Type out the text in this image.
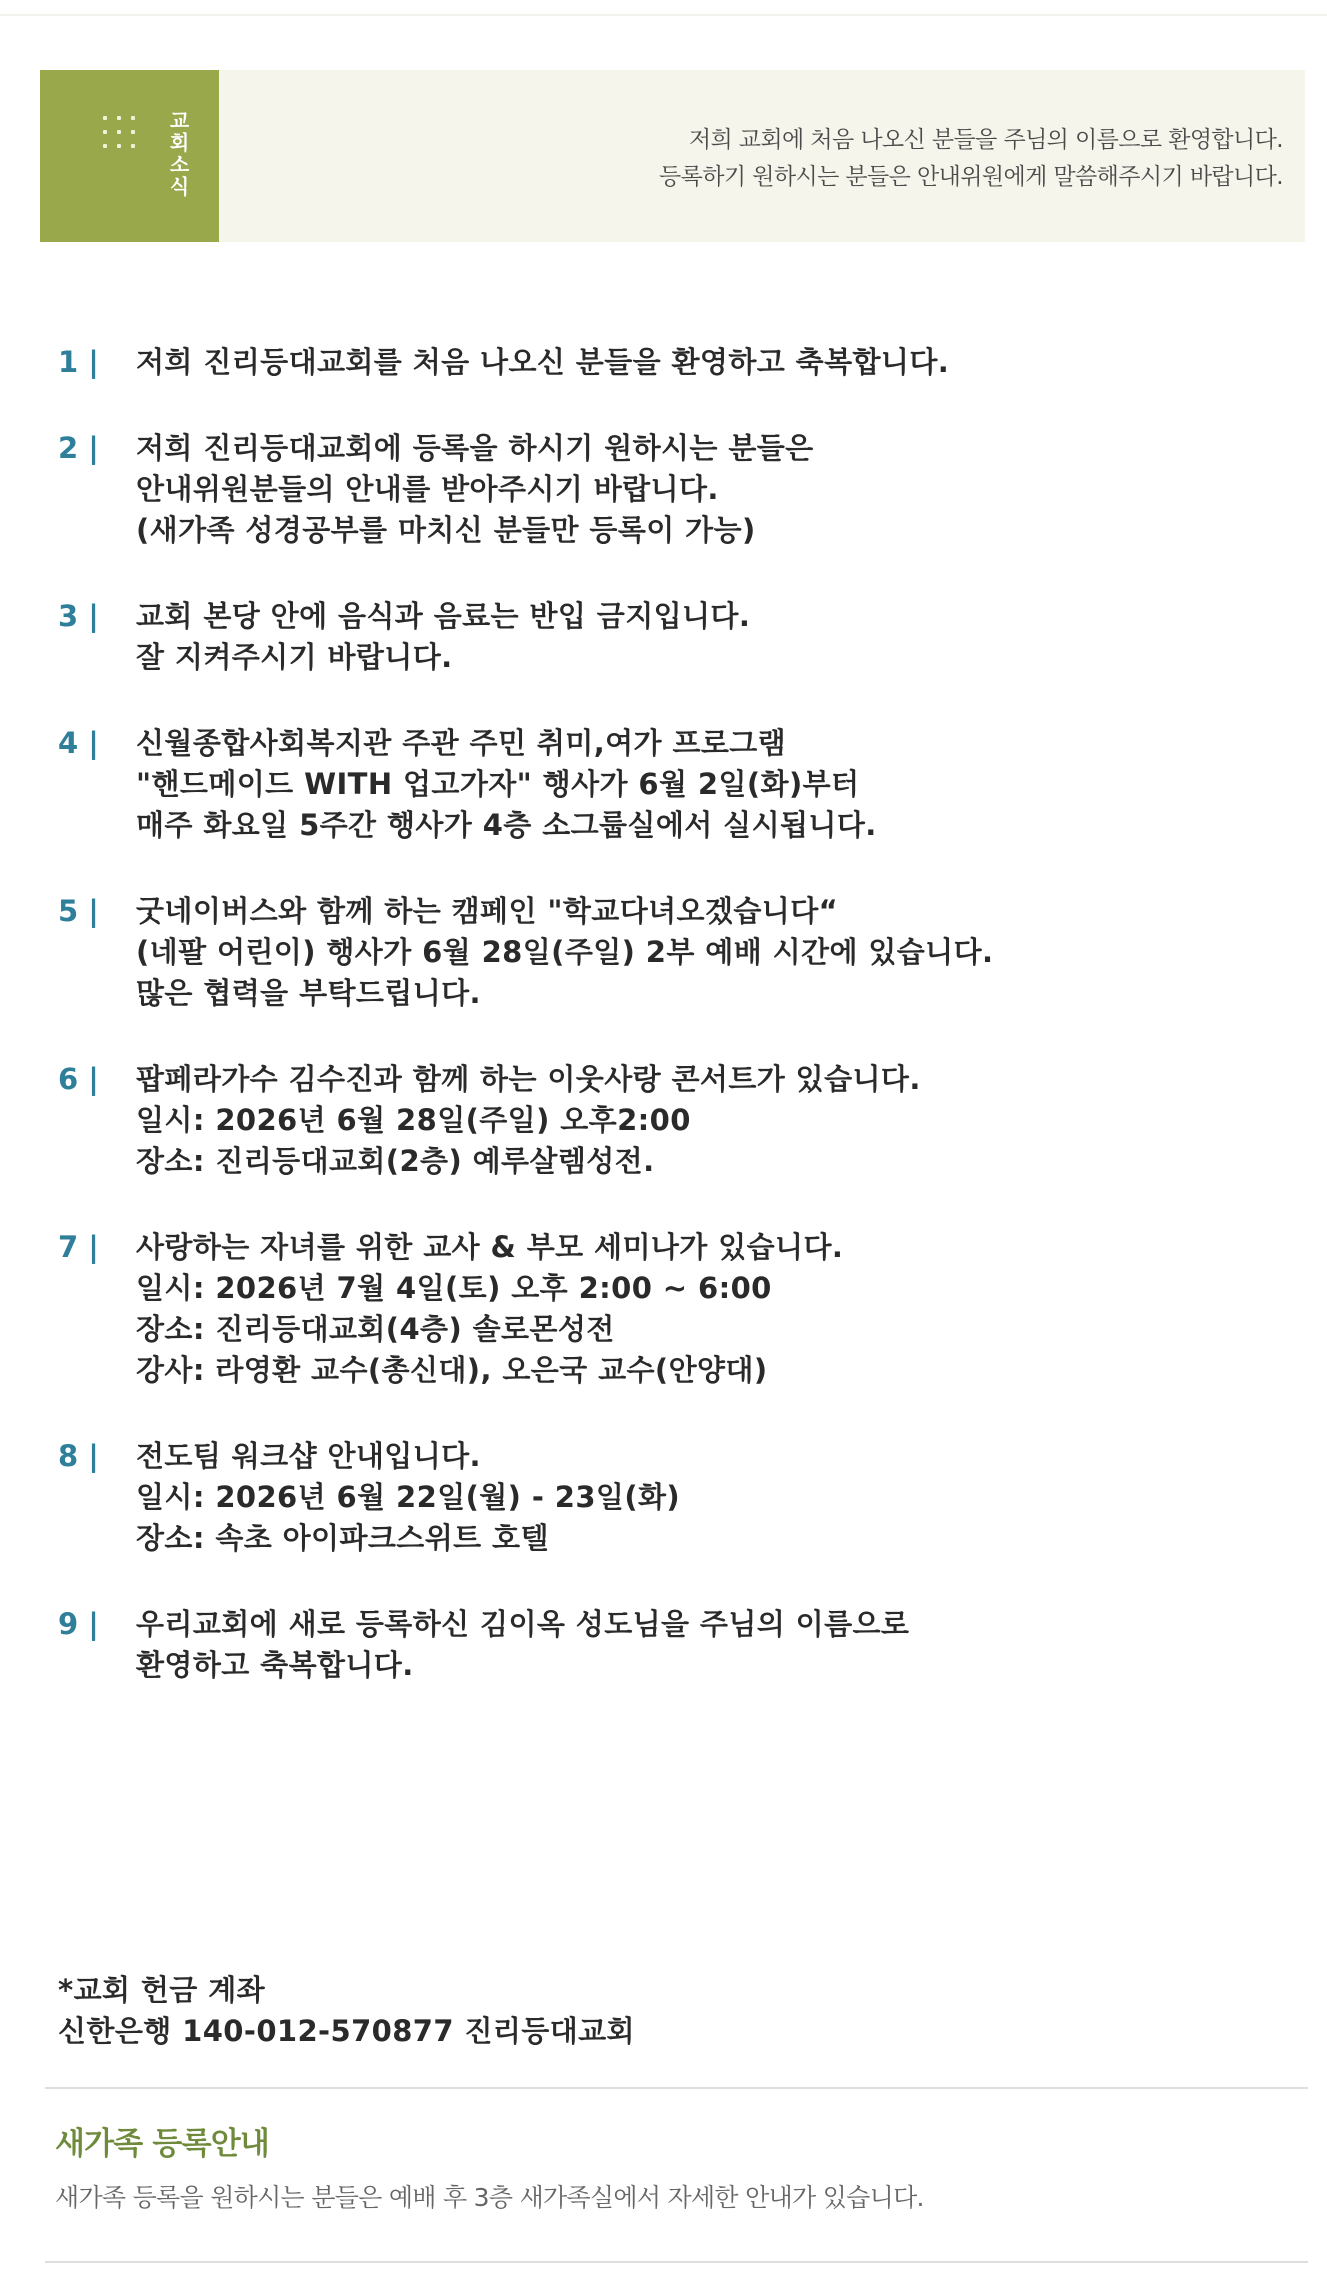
교회소식	저희 교회에 처음 나오신 분들을 주님의 이름으로 환영합니다.
등록하기 원하시는 분들은 안내위원에게 말씀해주시기 바랍니다.
1 | 저희 진리등대교회를 처음 나오신 분들을 환영하고 축복합니다.
2 | 저희 진리등대교회에 등록을 하시기 원하시는 분들은
안내위원분들의 안내를 받아주시기 바랍니다.
(새가족 성경공부를 마치신 분들만 등록이 가능)
3 | 교회 본당 안에 음식과 음료는 반입 금지입니다.
잘 지켜주시기 바랍니다.
4 | 신월종합사회복지관 주관 주민 취미,여가 프로그램
"핸드메이드 WITH 업고가자" 행사가 6월 2일(화)부터
매주 화요일 5주간 행사가 4층 소그룹실에서 실시됩니다.
5 | 굿네이버스와 함께 하는 캠페인 "학교다녀오겠습니다“
(네팔 어린이) 행사가 6월 28일(주일) 2부 예배 시간에 있습니다.
많은 협력을 부탁드립니다.
6 | 팝페라가수 김수진과 함께 하는 이웃사랑 콘서트가 있습니다.
일시: 2026년 6월 28일(주일) 오후2:00
장소: 진리등대교회(2층) 예루살렘성전.
7 | 사랑하는 자녀를 위한 교사 & 부모 세미나가 있습니다.
일시: 2026년 7월 4일(토) 오후 2:00 ~ 6:00
장소: 진리등대교회(4층) 솔로몬성전
강사: 라영환 교수(총신대), 오은국 교수(안양대)
8 | 전도팀 워크샵 안내입니다.
일시: 2026년 6월 22일(월) - 23일(화)
장소: 속초 아이파크스위트 호텔
9 | 우리교회에 새로 등록하신 김이옥 성도님을 주님의 이름으로
환영하고 축복합니다.
*교회 헌금 계좌
신한은행 140-012-570877 진리등대교회
새가족 등록안내
새가족 등록을 원하시는 분들은 예배 후 3층 새가족실에서 자세한 안내가 있습니다.
